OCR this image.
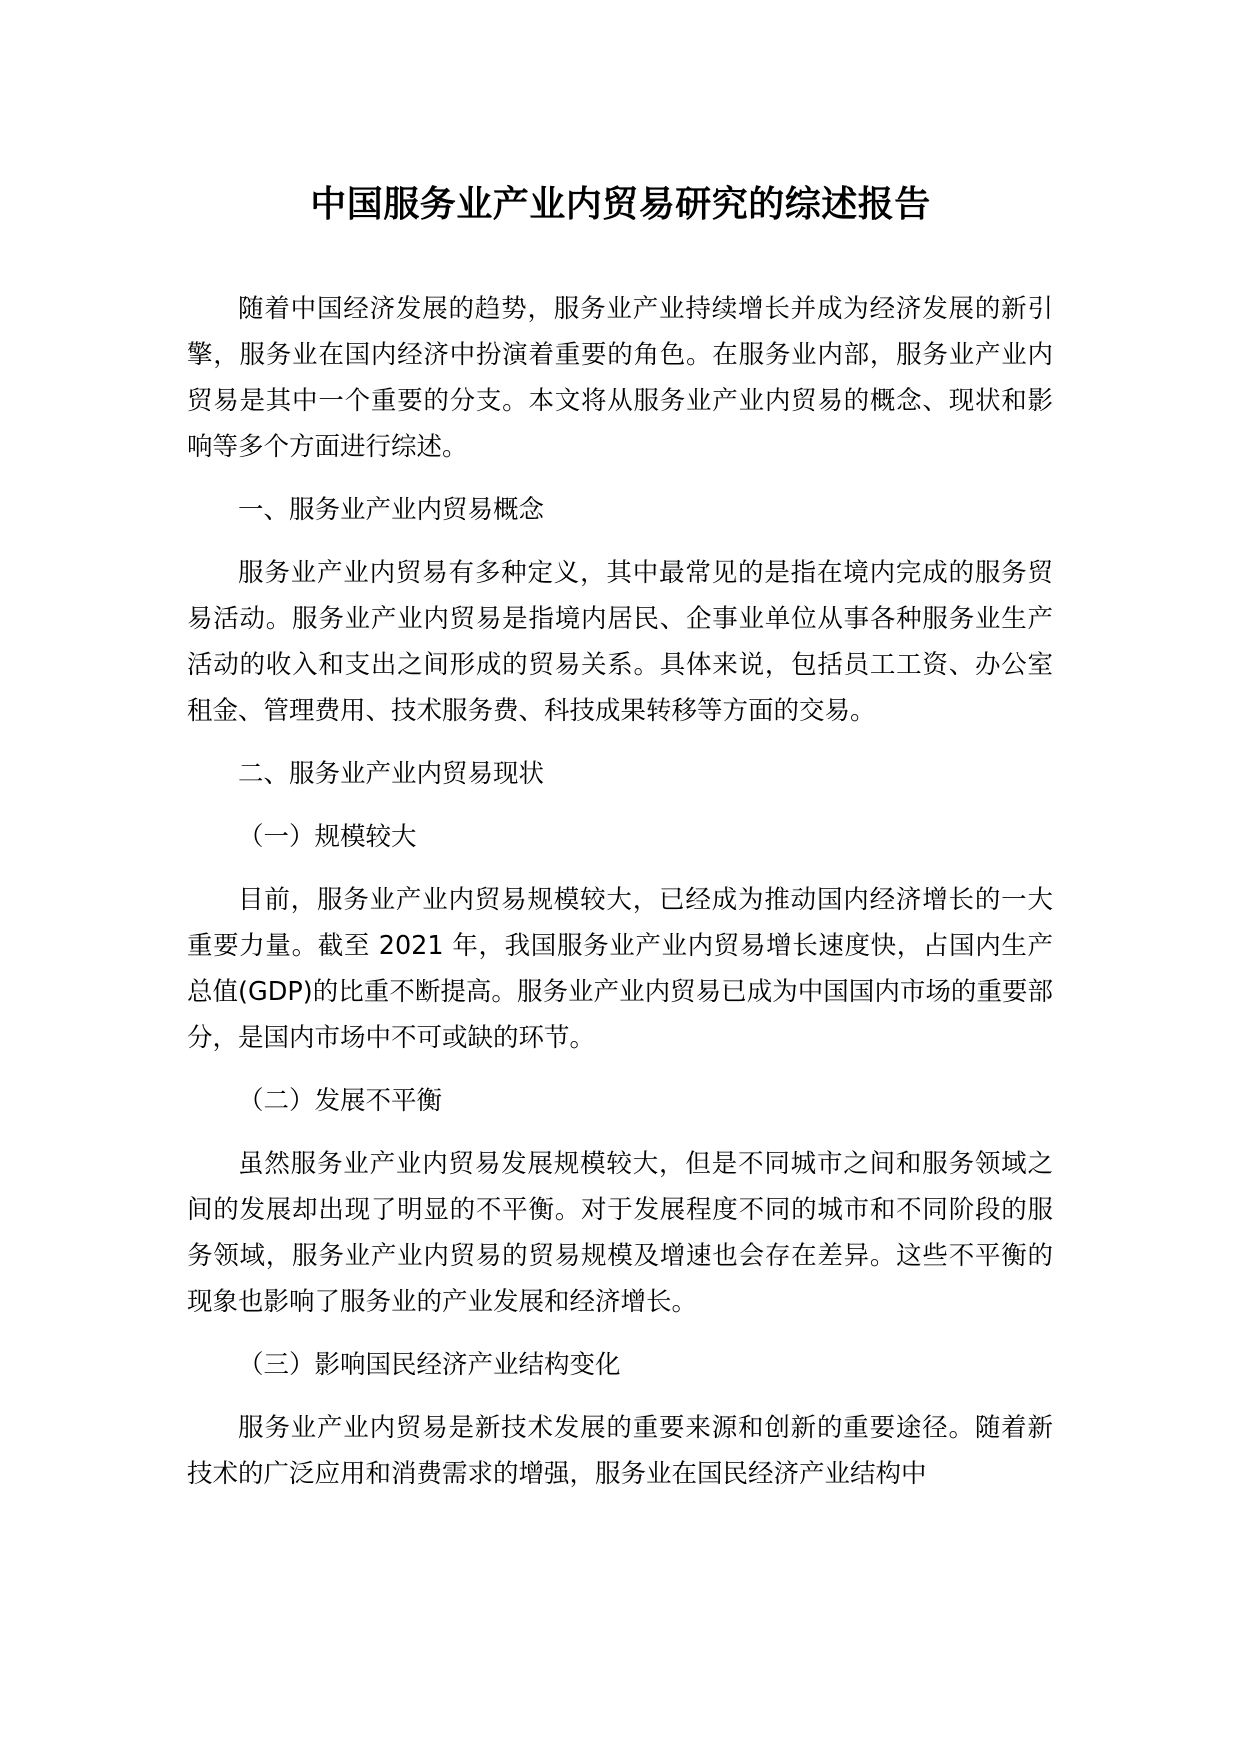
中国服务业产业内贸易研究的综述报告

随着中国经济发展的趋势，服务业产业持续增长并成为经济发展的新引擎，服务业在国内经济中扮演着重要的角色。在服务业内部，服务业产业内贸易是其中一个重要的分支。本文将从服务业产业内贸易的概念、现状和影响等多个方面进行综述。

一、服务业产业内贸易概念

服务业产业内贸易有多种定义，其中最常见的是指在境内完成的服务贸易活动。服务业产业内贸易是指境内居民、企事业单位从事各种服务业生产活动的收入和支出之间形成的贸易关系。具体来说，包括员工工资、办公室租金、管理费用、技术服务费、科技成果转移等方面的交易。

二、服务业产业内贸易现状

（一）规模较大

目前，服务业产业内贸易规模较大，已经成为推动国内经济增长的一大重要力量。截至 2021 年，我国服务业产业内贸易增长速度快，占国内生产总值(GDP)的比重不断提高。服务业产业内贸易已成为中国国内市场的重要部分，是国内市场中不可或缺的环节。

（二）发展不平衡

虽然服务业产业内贸易发展规模较大，但是不同城市之间和服务领域之间的发展却出现了明显的不平衡。对于发展程度不同的城市和不同阶段的服务领域，服务业产业内贸易的贸易规模及增速也会存在差异。这些不平衡的现象也影响了服务业的产业发展和经济增长。

（三）影响国民经济产业结构变化

服务业产业内贸易是新技术发展的重要来源和创新的重要途径。随着新技术的广泛应用和消费需求的增强，服务业在国民经济产业结构中
